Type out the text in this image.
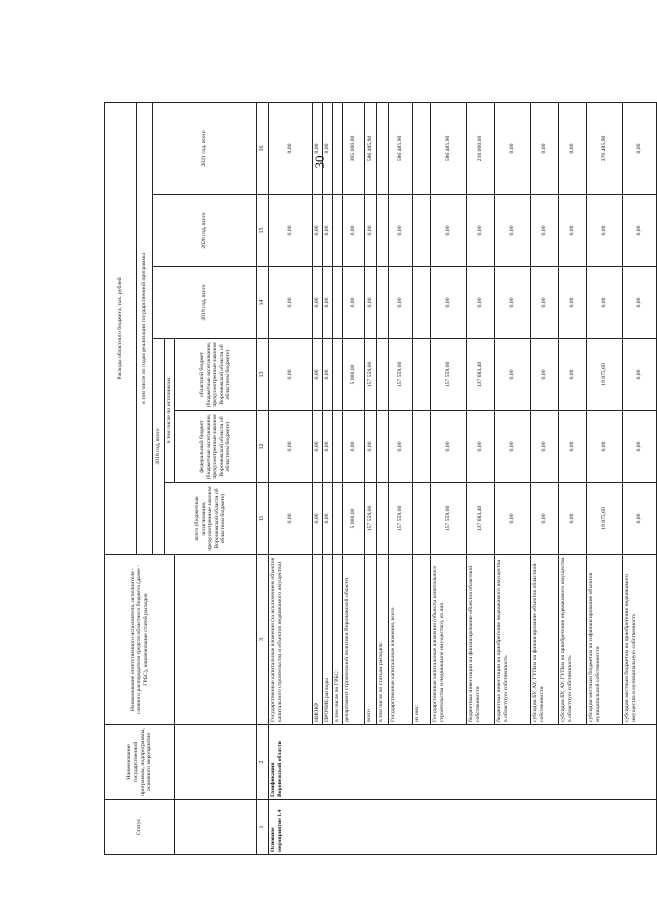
30
Статус	Наименование государственной программы, подпрограммы, основного мероприятия	Наименование ответственного исполнителя, исполнителя - главного распорядителя средств областного бюджета (далее - ГРБС), наименование статей расходов	Расходы областного бюджета, тыс. рублей					
			в том числе по годам реализации государственной программы					
			2018 год, всего			2019 год, всего	2020 год, всего	2021 год, всего
			всего (бюджетные ассигнования, предусмотренные законом Воронежской области об областном бюджете)	в том числе по источникам				
				федеральный бюджет (бюджетные ассигнования, предусмотренные законом Воронежской области об областном бюджете)	областной бюджет (бюджетные ассигнования, предусмотренные законом Воронежской области об областном бюджете)			
1	2	3	11	12	13	14	15	16
Основное мероприятие 1.4	Газификация Воронежской области	Государственные капитальные вложения (за исключением объектов капитального строительства и объектов недвижимого имущества)	0,00	0,00	0,00	0,00	0,00	0,00
		НИОКР	0,00	0,00	0,00	0,00	0,00	0,00
		ПРОЧИЕ расходы	0,00	0,00	0,00	0,00	0,00	0,00
		в том числе по ГРБС:						
		департамент строительной политики Воронежской области	5 000,00	0,00	5 000,00	0,00	0,00	305 000,00
		всего	157 559,00	0,00	157 559,00	0,00	0,00	586 485,90
		в том числе по статьям расходов:						
		Государственные капитальные вложения, всего	157 559,00	0,00	157 559,00	0,00	0,00	586 485,90
		из них:						
		Государственные капитальные вложения (объекты капитального строительства и недвижимое имущество), из них	157 559,00	0,00	157 559,00	0,00	0,00	586 485,90
		бюджетные инвестиции на финансирование объектов областной собственности	137 683,40	0,00	137 683,40	0,00	0,00	216 000,00
		бюджетные инвестиции на приобретение недвижимого имущества в областную собственность	0,00	0,00	0,00	0,00	0,00	0,00
		субсидии БУ, АУ, ГУПам на финансирование объектов областной собственности	0,00	0,00	0,00	0,00	0,00	0,00
		субсидии БУ, АУ, ГУПам на приобретение недвижимого имущества в областную собственность	0,00	0,00	0,00	0,00	0,00	0,00
		субсидии местным бюджетам на софинансирование объектов муниципальной собственности	19 875,60	0,00	19 875,60	0,00	0,00	370 485,90
		субсидии местным бюджетам на приобретение недвижимого имущества в муниципальную собственность	0,00	0,00	0,00	0,00	0,00	0,00
